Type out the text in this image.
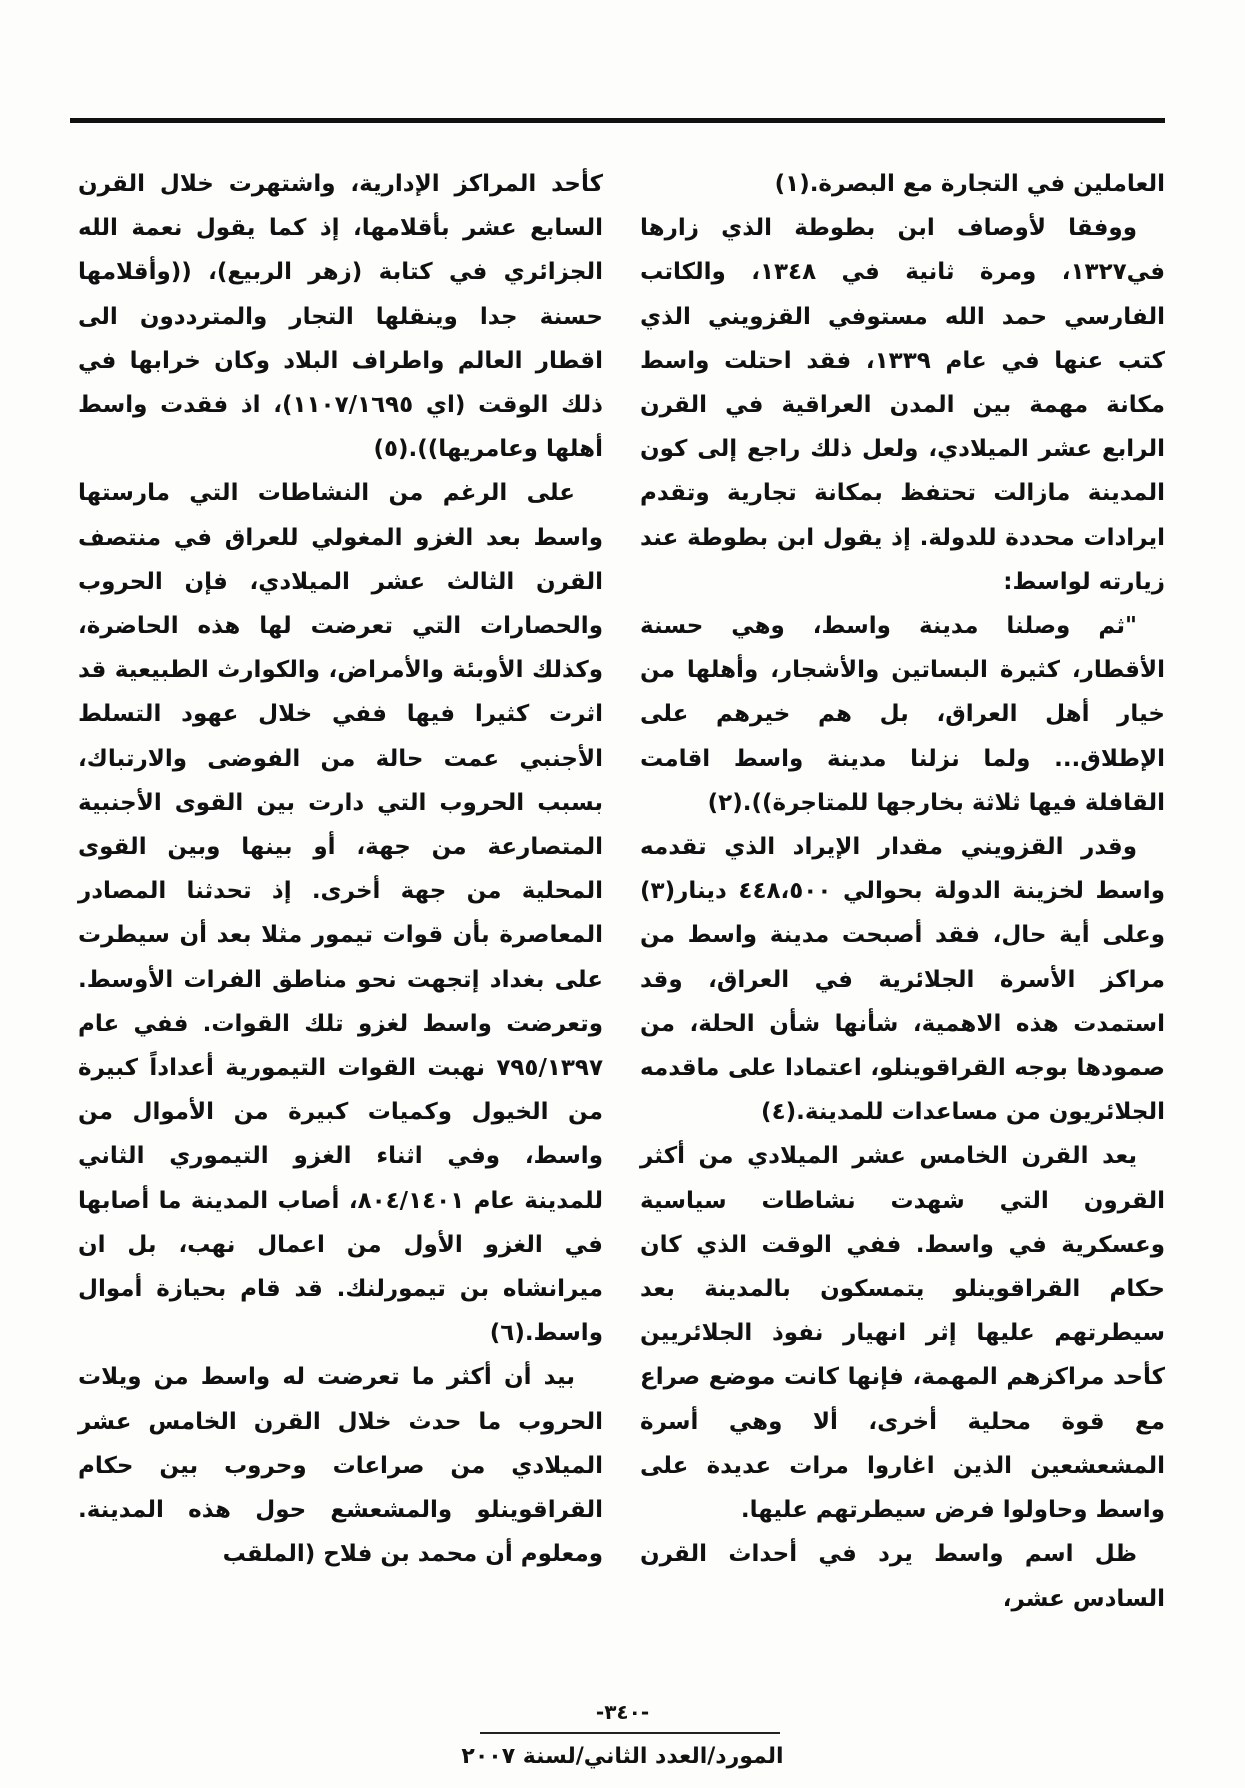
العاملين في التجارة مع البصرة.(١)

ووفقا لأوصاف ابن بطوطة الذي زارها في١٣٢٧، ومرة ثانية في ١٣٤٨، والكاتب الفارسي حمد الله مستوفي القزويني الذي كتب عنها في عام ١٣٣٩، فقد احتلت واسط مكانة مهمة بين المدن العراقية في القرن الرابع عشر الميلادي، ولعل ذلك راجع إلى كون المدينة مازالت تحتفظ بمكانة تجارية وتقدم ايرادات محددة للدولة. إذ يقول ابن بطوطة عند زيارته لواسط:

"ثم وصلنا مدينة واسط، وهي حسنة الأقطار، كثيرة البساتين والأشجار، وأهلها من خيار أهل العراق، بل هم خيرهم على الإطلاق... ولما نزلنا مدينة واسط اقامت القافلة فيها ثلاثة بخارجها للمتاجرة)).(٢)

وقدر القزويني مقدار الإيراد الذي تقدمه واسط لخزينة الدولة بحوالي ٤٤٨،٥٠٠ دينار(٣) وعلى أية حال، فقد أصبحت مدينة واسط من مراكز الأسرة الجلائرية في العراق، وقد استمدت هذه الاهمية، شأنها شأن الحلة، من صمودها بوجه القراقوينلو، اعتمادا على ماقدمه الجلائريون من مساعدات للمدينة.(٤)

يعد القرن الخامس عشر الميلادي من أكثر القرون التي شهدت نشاطات سياسية وعسكرية في واسط. ففي الوقت الذي كان حكام القراقوينلو يتمسكون بالمدينة بعد سيطرتهم عليها إثر انهيار نفوذ الجلائريين كأحد مراكزهم المهمة، فإنها كانت موضع صراع مع قوة محلية أخرى، ألا وهي أسرة المشعشعين الذين اغاروا مرات عديدة على واسط وحاولوا فرض سيطرتهم عليها.

ظل اسم واسط يرد في أحداث القرن السادس عشر،

كأحد المراكز الإدارية، واشتهرت خلال القرن السابع عشر بأقلامها، إذ كما يقول نعمة الله الجزائري في كتابة (زهر الربيع)، ((وأقلامها حسنة جدا وينقلها التجار والمترددون الى اقطار العالم واطراف البلاد وكان خرابها في ذلك الوقت (اي ١١٠٧/١٦٩٥)، اذ فقدت واسط أهلها وعامريها)).(٥)

على الرغم من النشاطات التي مارستها واسط بعد الغزو المغولي للعراق في منتصف القرن الثالث عشر الميلادي، فإن الحروب والحصارات التي تعرضت لها هذه الحاضرة، وكذلك الأوبئة والأمراض، والكوارث الطبيعية قد اثرت كثيرا فيها ففي خلال عهود التسلط الأجنبي عمت حالة من الفوضى والارتباك، بسبب الحروب التي دارت بين القوى الأجنبية المتصارعة من جهة، أو بينها وبين القوى المحلية من جهة أخرى. إذ تحدثنا المصادر المعاصرة بأن قوات تيمور مثلا بعد أن سيطرت على بغداد إتجهت نحو مناطق الفرات الأوسط. وتعرضت واسط لغزو تلك القوات. ففي عام ٧٩٥/١٣٩٧ نهبت القوات التيمورية أعداداً كبيرة من الخيول وكميات كبيرة من الأموال من واسط، وفي اثناء الغزو التيموري الثاني للمدينة عام ٨٠٤/١٤٠١، أصاب المدينة ما أصابها في الغزو الأول من اعمال نهب، بل ان ميرانشاه بن تيمورلنك. قد قام بحيازة أموال واسط.(٦)

بيد أن أكثر ما تعرضت له واسط من ويلات الحروب ما حدث خلال القرن الخامس عشر الميلادي من صراعات وحروب بين حكام القراقوينلو والمشعشع حول هذه المدينة. ومعلوم أن محمد بن فلاح (الملقب

-٣٤٠-
المورد/العدد الثاني/لسنة ٢٠٠٧
